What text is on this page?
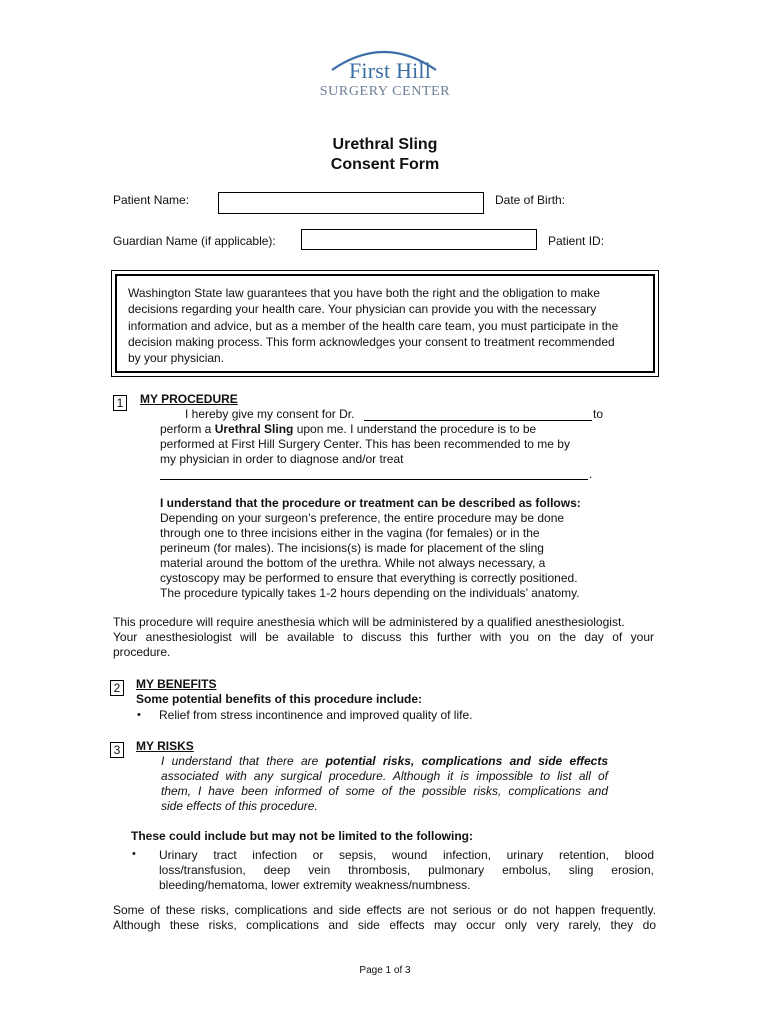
First Hill
SURGERY CENTER
Urethral Sling
Consent Form
Patient Name:	Date of Birth:
Guardian Name (if applicable):	Patient ID:
Washington State law guarantees that you have both the right and the obligation to make
decisions regarding your health care. Your physician can provide you with the necessary
information and advice, but as a member of the health care team, you must participate in the
decision making process. This form acknowledges your consent to treatment recommended
by your physician.
1	MY PROCEDURE
I hereby give my consent for Dr.	to
perform a Urethral Sling upon me. I understand the procedure is to be
performed at First Hill Surgery Center. This has been recommended to me by
my physician in order to diagnose and/or treat
.
I understand that the procedure or treatment can be described as follows:
Depending on your surgeon’s preference, the entire procedure may be done
through one to three incisions either in the vagina (for females) or in the
perineum (for males). The incisions(s) is made for placement of the sling
material around the bottom of the urethra. While not always necessary, a
cystoscopy may be performed to ensure that everything is correctly positioned.
The procedure typically takes 1-2 hours depending on the individuals’ anatomy.
This procedure will require anesthesia which will be administered by a qualified anesthesiologist.
Your anesthesiologist will be available to discuss this further with you on the day of your
procedure.
2	MY BENEFITS
Some potential benefits of this procedure include:
• Relief from stress incontinence and improved quality of life.
3	MY RISKS
I understand that there are potential risks, complications and side effects
associated with any surgical procedure. Although it is impossible to list all of
them, I have been informed of some of the possible risks, complications and
side effects of this procedure.
These could include but may not be limited to the following:
• Urinary tract infection or sepsis, wound infection, urinary retention, blood
loss/transfusion, deep vein thrombosis, pulmonary embolus, sling erosion,
bleeding/hematoma, lower extremity weakness/numbness.
Some of these risks, complications and side effects are not serious or do not happen frequently.
Although these risks, complications and side effects may occur only very rarely, they do
Page 1 of 3
